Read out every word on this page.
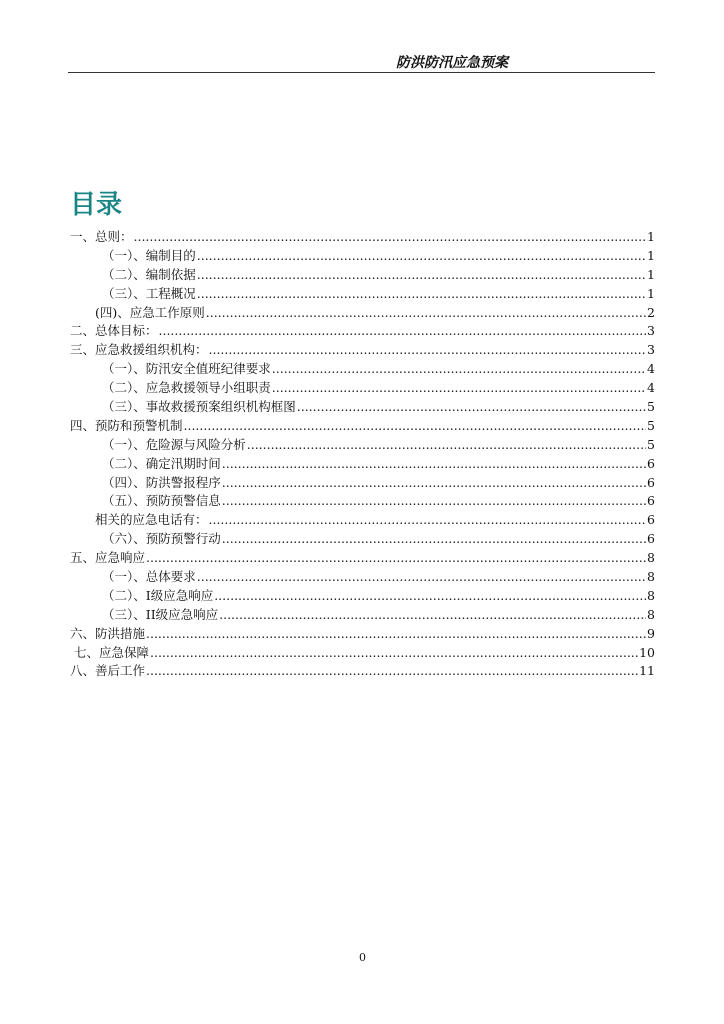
防洪防汛应急预案
目录
一、总则： .....	1
（一）、编制目的 .....	1
（二）、编制依据 .....	1
（三）、工程概况 .....	1
(四)、应急工作原则 .....	2
二、总体目标： .....	3
三、应急救援组织机构： .....	3
（一）、防汛安全值班纪律要求 .....	4
（二）、应急救援领导小组职责 .....	4
（三）、事故救援预案组织机构框图 .....	5
四、预防和预警机制 .....	5
（一）、危险源与风险分析 .....	5
（二）、确定汛期时间 .....	6
（四）、防洪警报程序 .....	6
（五）、预防预警信息 .....	6
相关的应急电话有： .....	6
（六）、预防预警行动 .....	6
五、应急响应 .....	8
（一）、总体要求 .....	8
（二）、I级应急响应 .....	8
（三）、II级应急响应 .....	8
六、防洪措施 .....	9
七、应急保障 .....	10
八、善后工作 .....	11
0
